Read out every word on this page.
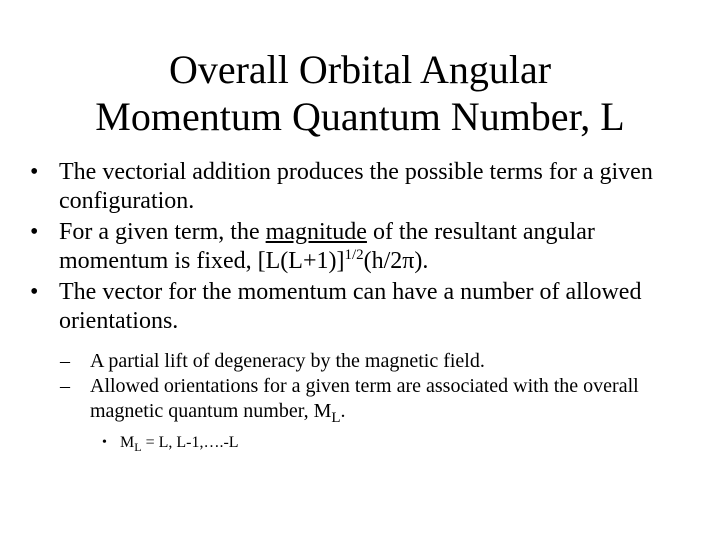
Overall Orbital Angular
Momentum Quantum Number, L
• The vectorial addition produces the possible terms for a given configuration.
• For a given term, the magnitude of the resultant angular momentum is fixed, $[L(L+1)]^{1/2}(h/2\pi)$.
• The vector for the momentum can have a number of allowed orientations.
– A partial lift of degeneracy by the magnetic field.
– Allowed orientations for a given term are associated with the overall magnetic quantum number, $M_L$.
• $M_L = L$, L-1,….-L
